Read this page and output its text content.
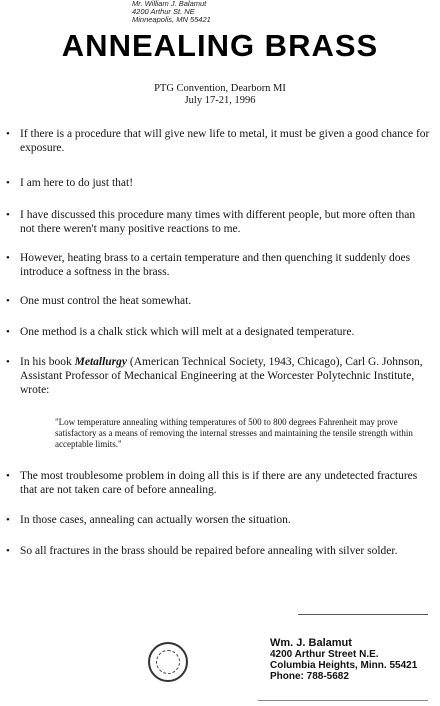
Mr. William J. Balamut
4200 Arthur St. NE
Minneapolis, MN 55421
ANNEALING BRASS
PTG Convention, Dearborn MI
July 17-21, 1996
• If there is a procedure that will give new life to metal, it must be given a good chance for exposure.
• I am here to do just that!
• I have discussed this procedure many times with different people, but more often than not there weren't many positive reactions to me.
• However, heating brass to a certain temperature and then quenching it suddenly does introduce a softness in the brass.
• One must control the heat somewhat.
• One method is a chalk stick which will melt at a designated temperature.
• In his book Metallurgy (American Technical Society, 1943, Chicago), Carl G. Johnson, Assistant Professor of Mechanical Engineering at the Worcester Polytechnic Institute, wrote:
• The most troublesome problem in doing all this is if there are any undetected fractures that are not taken care of before annealing.
• In those cases, annealing can actually worsen the situation.
• So all fractures in the brass should be repaired before annealing with silver solder.
"Low temperature annealing withing temperatures of 500 to 800 degrees Fahrenheit may prove satisfactory as a means of removing the internal stresses and maintaining the tensile strength within acceptable limits."
Wm. J. Balamut
4200 Arthur Street N.E.
Columbia Heights, Minn. 55421
Phone: 788-5682
